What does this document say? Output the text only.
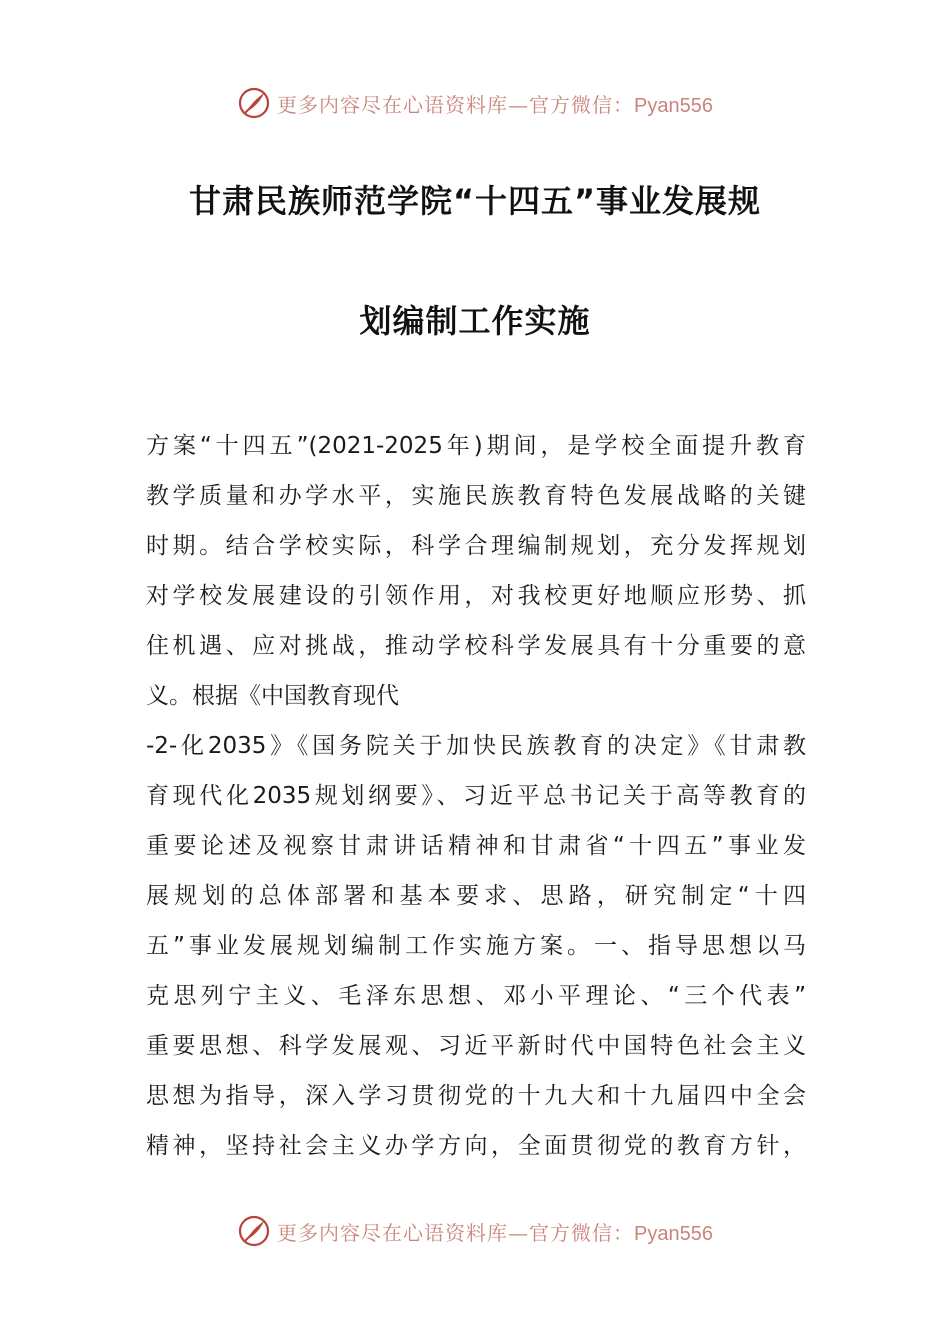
更多内容尽在心语资料库—官方微信：Pyan556
甘肃民族师范学院“十四五”事业发展规
划编制工作实施
方案“十四五”(2021-2025年)期间，是学校全面提升教育
教学质量和办学水平，实施民族教育特色发展战略的关键
时期。结合学校实际，科学合理编制规划，充分发挥规划
对学校发展建设的引领作用，对我校更好地顺应形势、抓
住机遇、应对挑战，推动学校科学发展具有十分重要的意
义。根据《中国教育现代
-2-化2035》《国务院关于加快民族教育的决定》《甘肃教
育现代化2035规划纲要》、习近平总书记关于高等教育的
重要论述及视察甘肃讲话精神和甘肃省“十四五”事业发
展规划的总体部署和基本要求、思路，研究制定“十四
五”事业发展规划编制工作实施方案。一、指导思想以马
克思列宁主义、毛泽东思想、邓小平理论、“三个代表”
重要思想、科学发展观、习近平新时代中国特色社会主义
思想为指导，深入学习贯彻党的十九大和十九届四中全会
精神，坚持社会主义办学方向，全面贯彻党的教育方针，
更多内容尽在心语资料库—官方微信：Pyan556
